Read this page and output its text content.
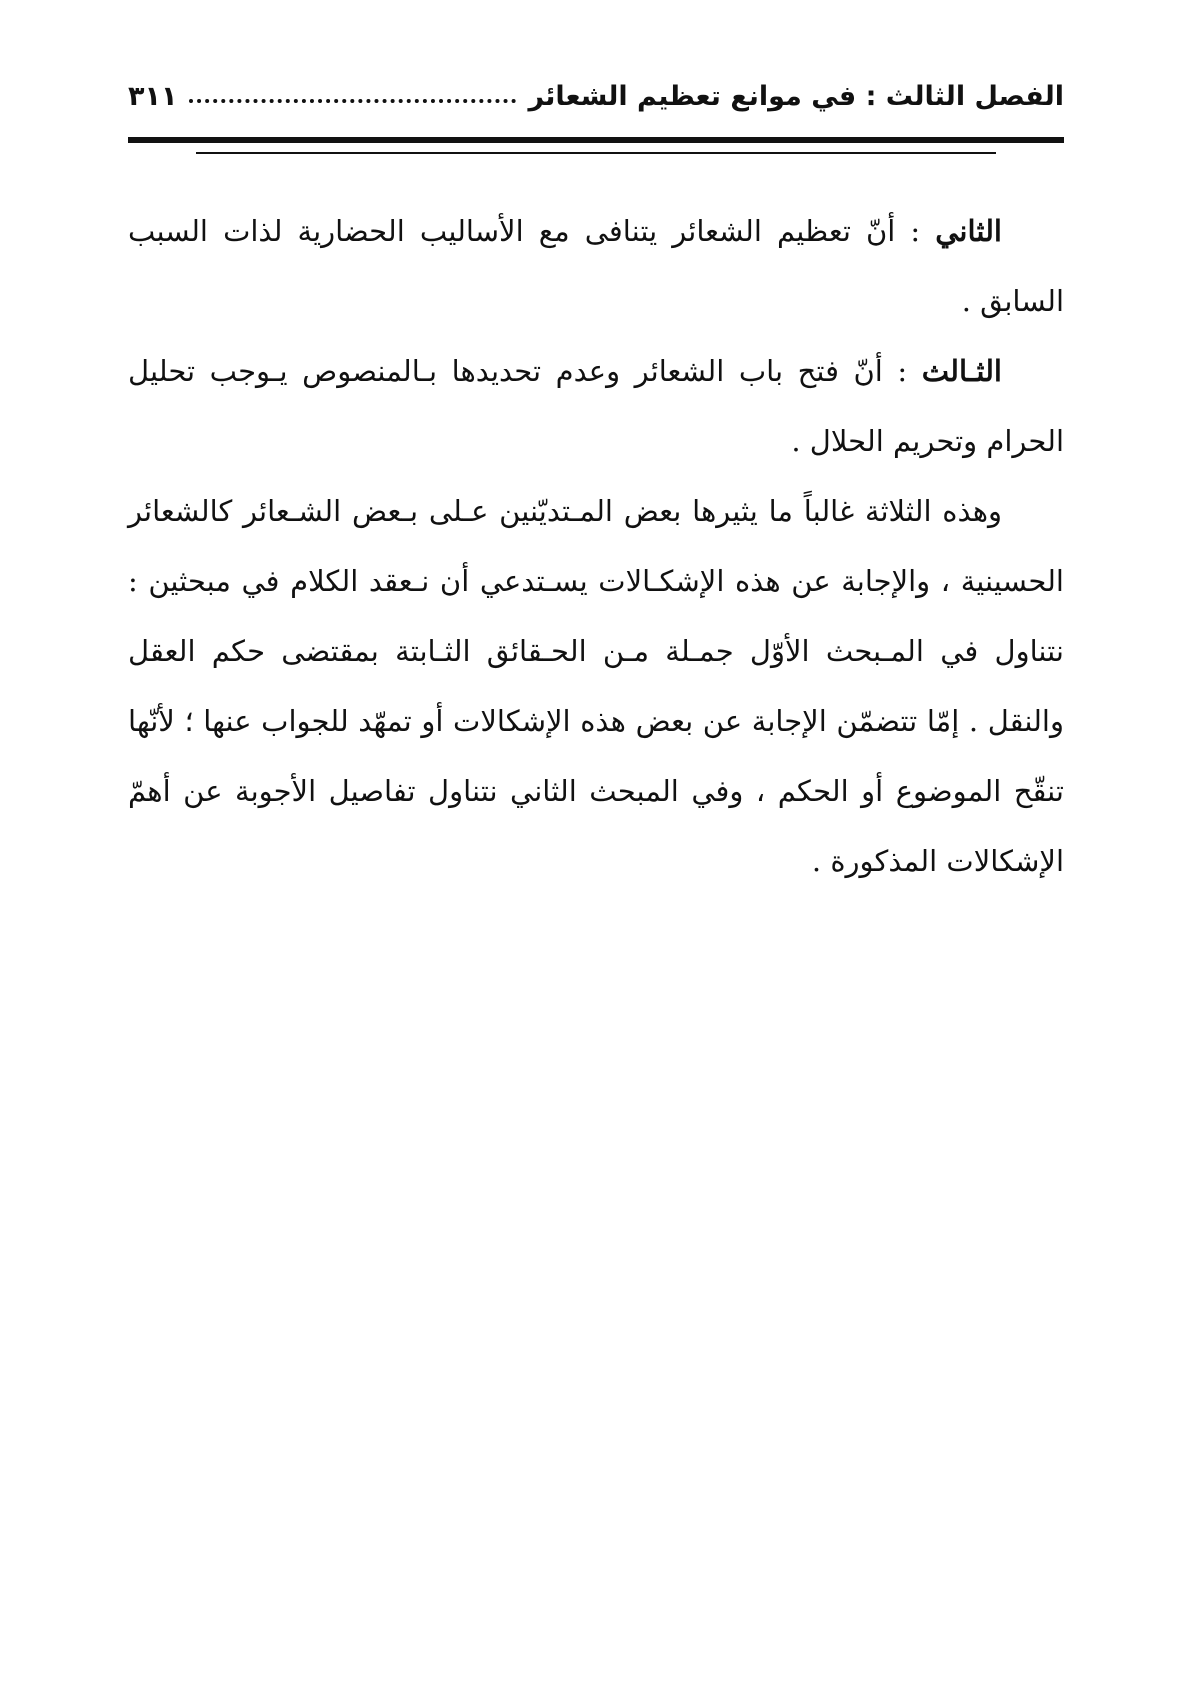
الفصل الثالث : في موانع تعظيم الشعائر
٣١١

الثاني : أنّ تعظيم الشعائر يتنافى مع الأساليب الحضارية لذات السبب السابق .

الثـالث : أنّ فتح باب الشعائر وعدم تحديدها بـالمنصوص يـوجب تحليل الحرام وتحريم الحلال .

وهذه الثلاثة غالباً ما يثيرها بعض المـتديّنين عـلى بـعض الشـعائر كالشعائر الحسينية ، والإجابة عن هذه الإشكـالات يسـتدعي أن نـعقد الكلام في مبحثين : نتناول في المـبحث الأوّل جمـلة مـن الحـقائق الثـابتة بمقتضى حكم العقل والنقل . إمّا تتضمّن الإجابة عن بعض هذه الإشكالات أو تمهّد للجواب عنها ؛ لأنّها تنقّح الموضوع أو الحكم ، وفي المبحث الثاني نتناول تفاصيل الأجوبة عن أهمّ الإشكالات المذكورة .
